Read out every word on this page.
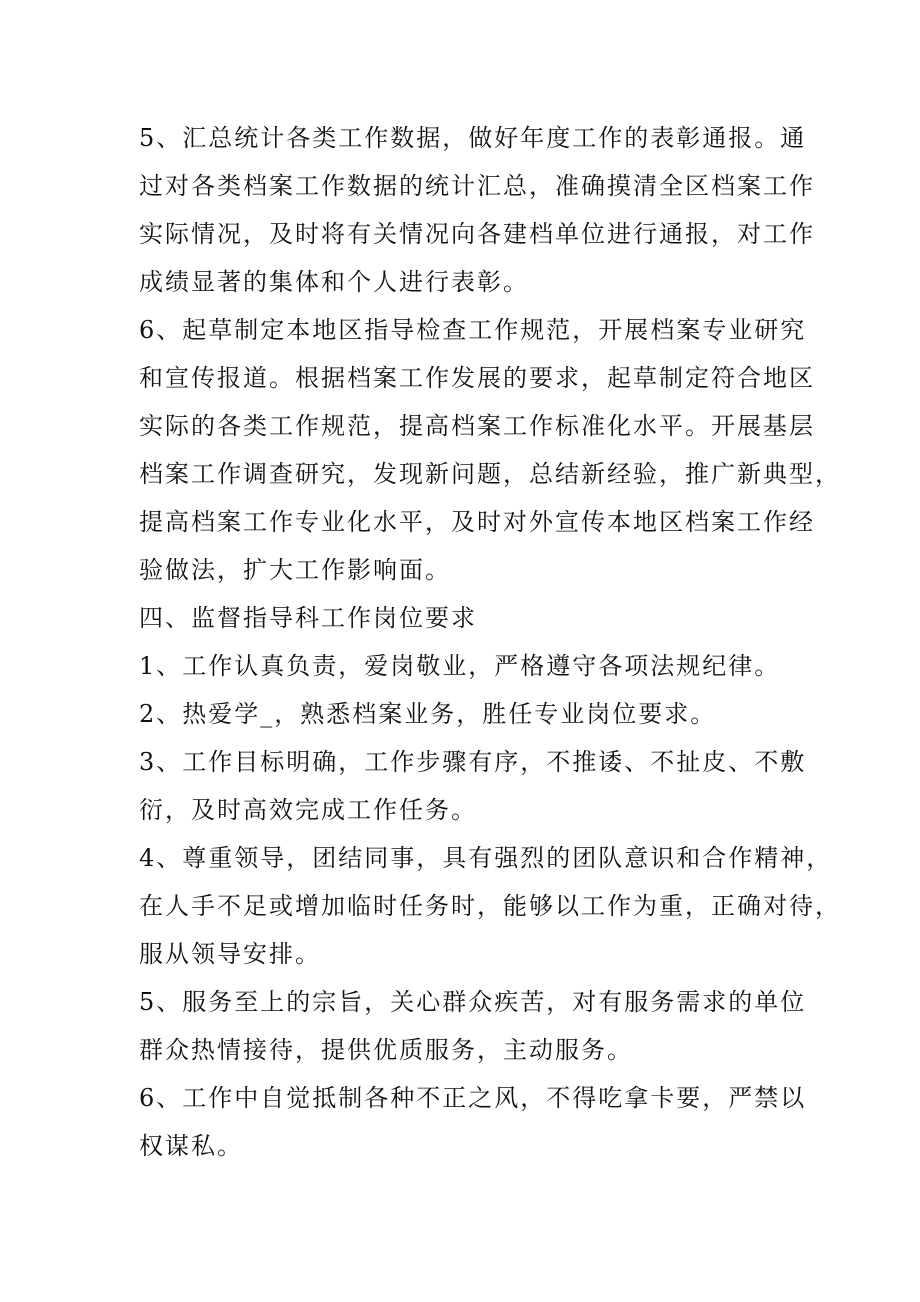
5、汇总统计各类工作数据，做好年度工作的表彰通报。通
过对各类档案工作数据的统计汇总，准确摸清全区档案工作
实际情况，及时将有关情况向各建档单位进行通报，对工作
成绩显著的集体和个人进行表彰。
6、起草制定本地区指导检查工作规范，开展档案专业研究
和宣传报道。根据档案工作发展的要求，起草制定符合地区
实际的各类工作规范，提高档案工作标准化水平。开展基层
档案工作调查研究，发现新问题，总结新经验，推广新典型，
提高档案工作专业化水平，及时对外宣传本地区档案工作经
验做法，扩大工作影响面。
四、监督指导科工作岗位要求
1、工作认真负责，爱岗敬业，严格遵守各项法规纪律。
2、热爱学_，熟悉档案业务，胜任专业岗位要求。
3、工作目标明确，工作步骤有序，不推诿、不扯皮、不敷
衍，及时高效完成工作任务。
4、尊重领导，团结同事，具有强烈的团队意识和合作精神，
在人手不足或增加临时任务时，能够以工作为重，正确对待，
服从领导安排。
5、服务至上的宗旨，关心群众疾苦，对有服务需求的单位
群众热情接待，提供优质服务，主动服务。
6、工作中自觉抵制各种不正之风，不得吃拿卡要，严禁以
权谋私。
